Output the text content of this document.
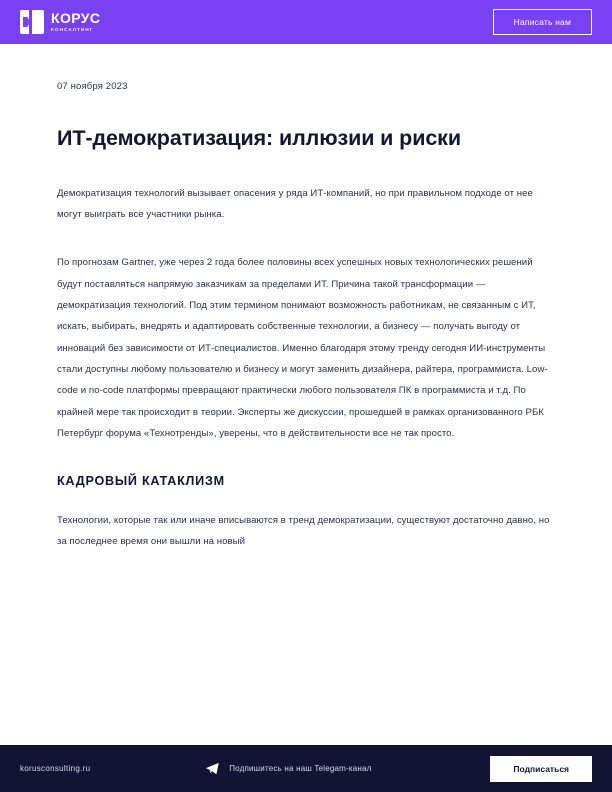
КОРУС
КОНСАЛТИНГ
Написать нам
07 ноября 2023
ИТ-демократизация: иллюзии и риски

Демократизация технологий вызывает опасения у ряда ИТ-компаний, но при правильном подходе от нее могут выиграть все участники рынка.

По прогнозам Gartner, уже через 2 года более половины всех успешных новых технологических решений будут поставляться напрямую заказчикам за пределами ИТ. Причина такой трансформации — демократизация технологий. Под этим термином понимают возможность работникам, не связанным с ИТ, искать, выбирать, внедрять и адаптировать собственные технологии, а бизнесу — получать выгоду от инноваций без зависимости от ИТ-специалистов. Именно благодаря этому тренду сегодня ИИ-инструменты стали доступны любому пользователю и бизнесу и могут заменить дизайнера, райтера, программиста. Low-code и no-code платформы превращают практически любого пользователя ПК в программиста и т.д. По крайней мере так происходит в теории. Эксперты же дискуссии, прошедшей в рамках организованного РБК Петербург форума «Технотренды», уверены, что в действительности все не так просто.

КАДРОВЫЙ КАТАКЛИЗМ

Технологии, которые так или иначе вписываются в тренд демократизации, существуют достаточно давно, но за последнее время они вышли на новый

korusconsulting.ru	Подпишитесь на наш Telegam-канал	Подписаться
